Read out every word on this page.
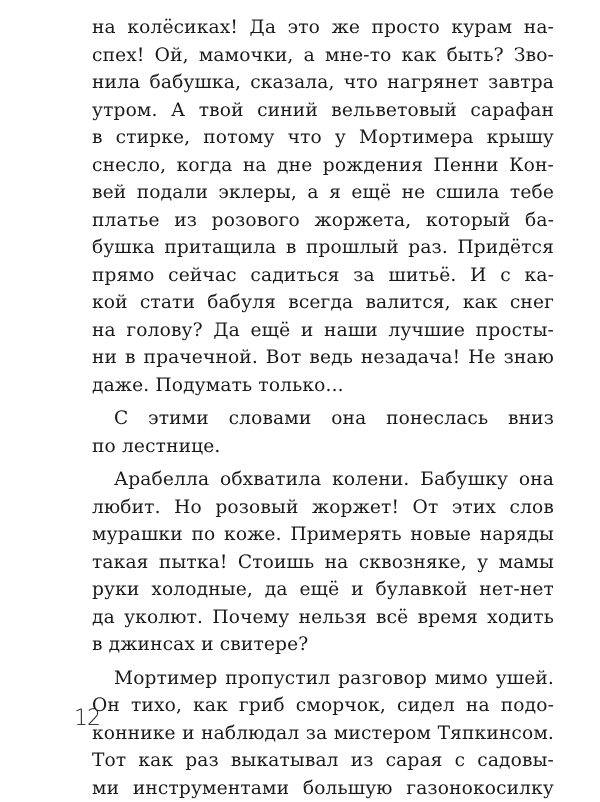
на колёсиках! Да это же просто курам на-
спех! Ой, мамочки, а мне-то как быть? Зво-
нила бабушка, сказала, что нагрянет завтра
утром. А твой синий вельветовый сарафан
в стирке, потому что у Мортимера крышу
снесло, когда на дне рождения Пенни Кон-
вей подали эклеры, а я ещё не сшила тебе
платье из розового жоржета, который ба-
бушка притащила в прошлый раз. Придётся
прямо сейчас садиться за шитьё. И с ка-
кой стати бабуля всегда валится, как снег
на голову? Да ещё и наши лучшие просты-
ни в прачечной. Вот ведь незадача! Не знаю
даже. Подумать только...
С этими словами она понеслась вниз
по лестнице.
Арабелла обхватила колени. Бабушку она
любит. Но розовый жоржет! От этих слов
мурашки по коже. Примерять новые наряды
такая пытка! Стоишь на сквозняке, у мамы
руки холодные, да ещё и булавкой нет-нет
да уколют. Почему нельзя всё время ходить
в джинсах и свитере?
Мортимер пропустил разговор мимо ушей.
Он тихо, как гриб сморчок, сидел на подо-
коннике и наблюдал за мистером Тяпкинсом.
Тот как раз выкатывал из сарая с садовы-
ми инструментами большую газонокосилку
12
